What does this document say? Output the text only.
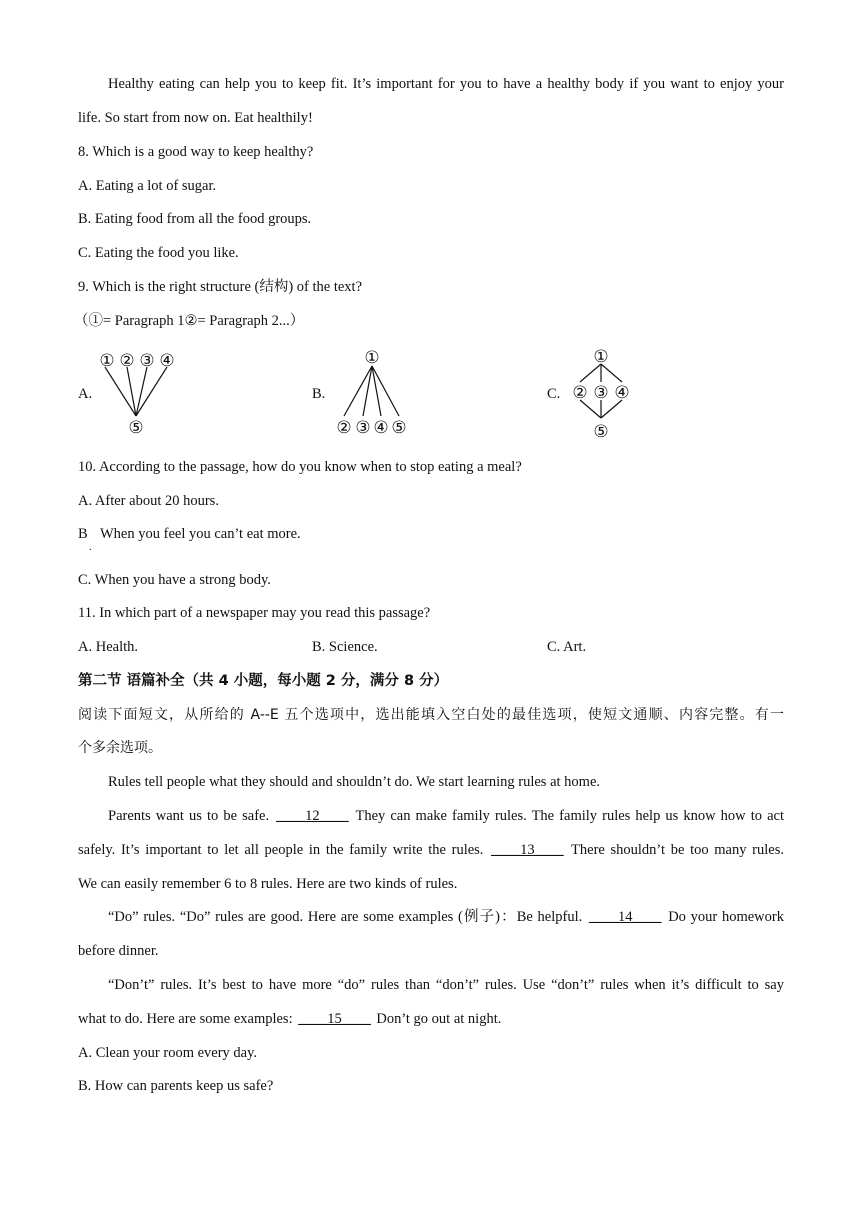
Healthy eating can help you to keep fit. It’s important for you to have a healthy body if you want to enjoy your
life. So start from now on. Eat healthily!
8. Which is a good way to keep healthy?
A. Eating a lot of sugar.
B. Eating food from all the food groups.
C. Eating the food you like.
9. Which is the right structure (结构) of the text?
（①= Paragraph 1②= Paragraph 2...）
A.	B.	C.
① ② ③ ④
⑤
①
② ③ ④ ⑤
①
② ③ ④
⑤
10. According to the passage, how do you know when to stop eating a meal?
A. After about 20 hours.
B
.
When you feel you can’t eat more.
C. When you have a strong body.
11. In which part of a newspaper may you read this passage?
A. Health.	B. Science.	C. Art.
第二节 语篇补全（共 4 小题，每小题 2 分，满分 8 分）
阅读下面短文，从所给的 A--E 五个选项中，选出能填入空白处的最佳选项，使短文通顺、内容完整。有一
个多余选项。
Rules tell people what they should and shouldn’t do. We start learning rules at home.
Parents want us to be safe. ____12____ They can make family rules. The family rules help us know how to act
safely. It’s important to let all people in the family write the rules. ____13____ There shouldn’t be too many rules.
We can easily remember 6 to 8 rules. Here are two kinds of rules.
“Do” rules. “Do” rules are good. Here are some examples (例子)：Be helpful. ____14____ Do your homework
before dinner.
“Don’t” rules. It’s best to have more “do” rules than “don’t” rules. Use “don’t” rules when it’s difficult to say
what to do. Here are some examples: ____15____ Don’t go out at night.
A. Clean your room every day.
B. How can parents keep us safe?
